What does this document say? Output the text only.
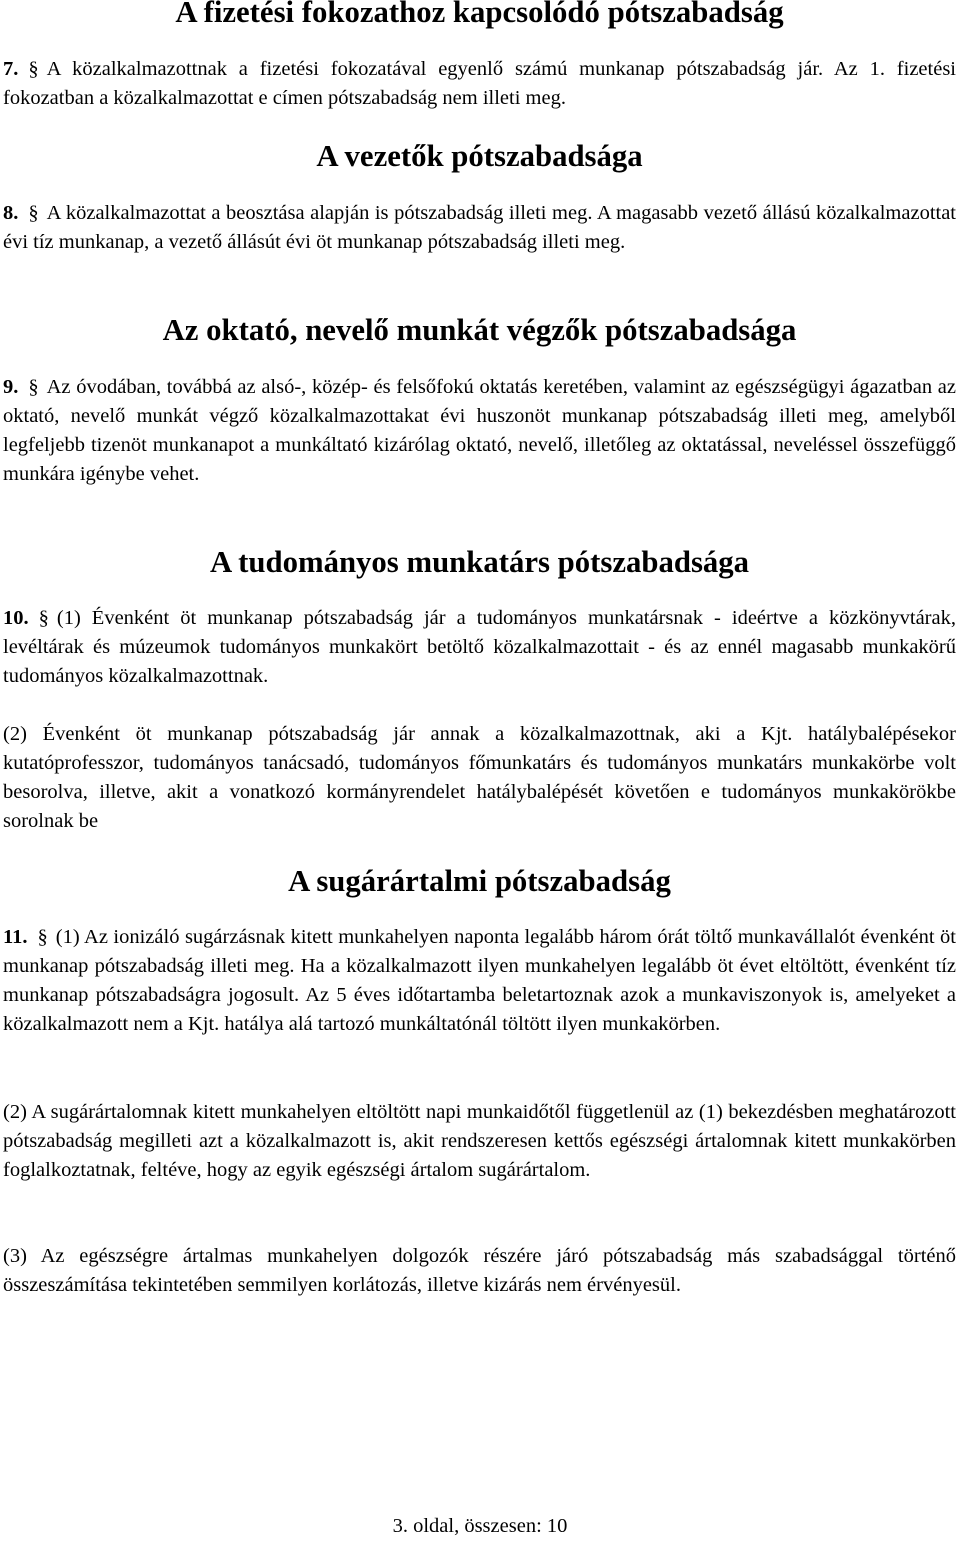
A fizetési fokozathoz kapcsolódó pótszabadság

7. § A közalkalmazottnak a fizetési fokozatával egyenlő számú munkanap pótszabadság jár. Az 1. fizetési fokozatban a közalkalmazottat e címen pótszabadság nem illeti meg.

A vezetők pótszabadsága

8. § A közalkalmazottat a beosztása alapján is pótszabadság illeti meg. A magasabb vezető állású közalkalmazottat évi tíz munkanap, a vezető állásút évi öt munkanap pótszabadság illeti meg.

Az oktató, nevelő munkát végzők pótszabadsága

9. § Az óvodában, továbbá az alsó-, közép- és felsőfokú oktatás keretében, valamint az egészségügyi ágazatban az oktató, nevelő munkát végző közalkalmazottakat évi huszonöt munkanap pótszabadság illeti meg, amelyből legfeljebb tizenöt munkanapot a munkáltató kizárólag oktató, nevelő, illetőleg az oktatással, neveléssel összefüggő munkára igénybe vehet.

A tudományos munkatárs pótszabadsága

10. § (1) Évenként öt munkanap pótszabadság jár a tudományos munkatársnak - ideértve a közkönyvtárak, levéltárak és múzeumok tudományos munkakört betöltő közalkalmazottait - és az ennél magasabb munkakörű tudományos közalkalmazottnak.

(2) Évenként öt munkanap pótszabadság jár annak a közalkalmazottnak, aki a Kjt. hatálybalépésekor kutatóprofesszor, tudományos tanácsadó, tudományos főmunkatárs és tudományos munkatárs munkakörbe volt besorolva, illetve, akit a vonatkozó kormányrendelet hatálybalépését követően e tudományos munkakörökbe sorolnak be

A sugárártalmi pótszabadság

11. § (1) Az ionizáló sugárzásnak kitett munkahelyen naponta legalább három órát töltő munkavállalót évenként öt munkanap pótszabadság illeti meg. Ha a közalkalmazott ilyen munkahelyen legalább öt évet eltöltött, évenként tíz munkanap pótszabadságra jogosult. Az 5 éves időtartamba beletartoznak azok a munkaviszonyok is, amelyeket a közalkalmazott nem a Kjt. hatálya alá tartozó munkáltatónál töltött ilyen munkakörben.

(2) A sugárártalomnak kitett munkahelyen eltöltött napi munkaidőtől függetlenül az (1) bekezdésben meghatározott pótszabadság megilleti azt a közalkalmazott is, akit rendszeresen kettős egészségi ártalomnak kitett munkakörben foglalkoztatnak, feltéve, hogy az egyik egészségi ártalom sugárártalom.

(3) Az egészségre ártalmas munkahelyen dolgozók részére járó pótszabadság más szabadsággal történő összeszámítása tekintetében semmilyen korlátozás, illetve kizárás nem érvényesül.

3. oldal, összesen: 10
